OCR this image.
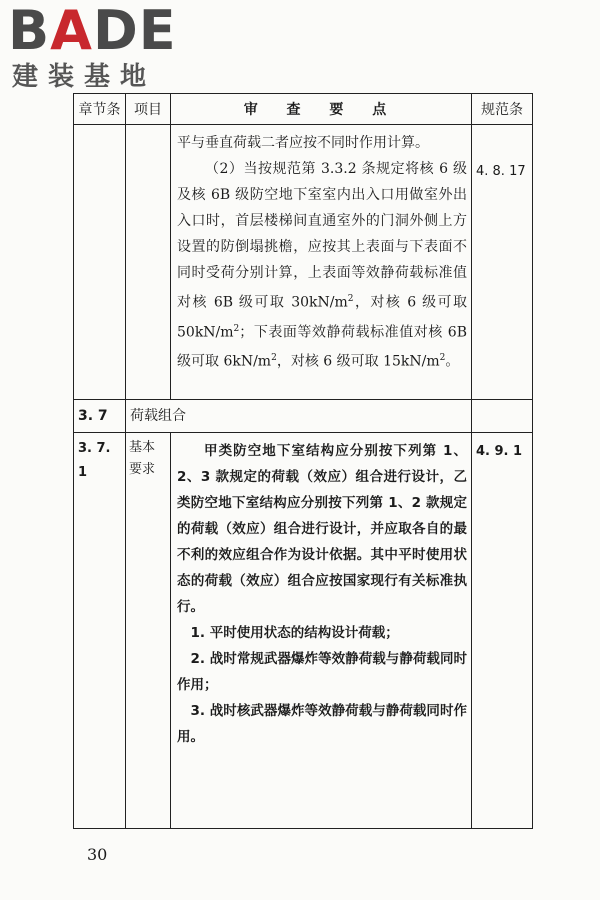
BADE
建装基地
章节条	项目	审 查 要 点	规范条

		平与垂直荷载二者应按不同时作用计算。

（2）当按规范第 3.3.2 条规定将核 6 级及核 6B 级防空地下室室内出入口用做室外出入口时，首层楼梯间直通室外的门洞外侧上方设置的防倒塌挑檐，应按其上表面与下表面不同时受荷分别计算，上表面等效静荷载标准值对核 6B 级可取 $30kN/m^2$，对核 6 级可取 $50kN/m^2$；下表面等效静荷载标准值对核 6B 级可取 $6kN/m^2$，对核 6 级可取 $15kN/m^2$。	4. 8. 17

3. 7	荷载组合		

3. 7. 1	基本要求	甲类防空地下室结构应分别按下列第 1、2、3 款规定的荷载（效应）组合进行设计，乙类防空地下室结构应分别按下列第 1、2 款规定的荷载（效应）组合进行设计，并应取各自的最不利的效应组合作为设计依据。其中平时使用状态的荷载（效应）组合应按国家现行有关标准执行。

1. 平时使用状态的结构设计荷载；

2. 战时常规武器爆炸等效静荷载与静荷载同时作用；

3. 战时核武器爆炸等效静荷载与静荷载同时作用。	4. 9. 1
30
